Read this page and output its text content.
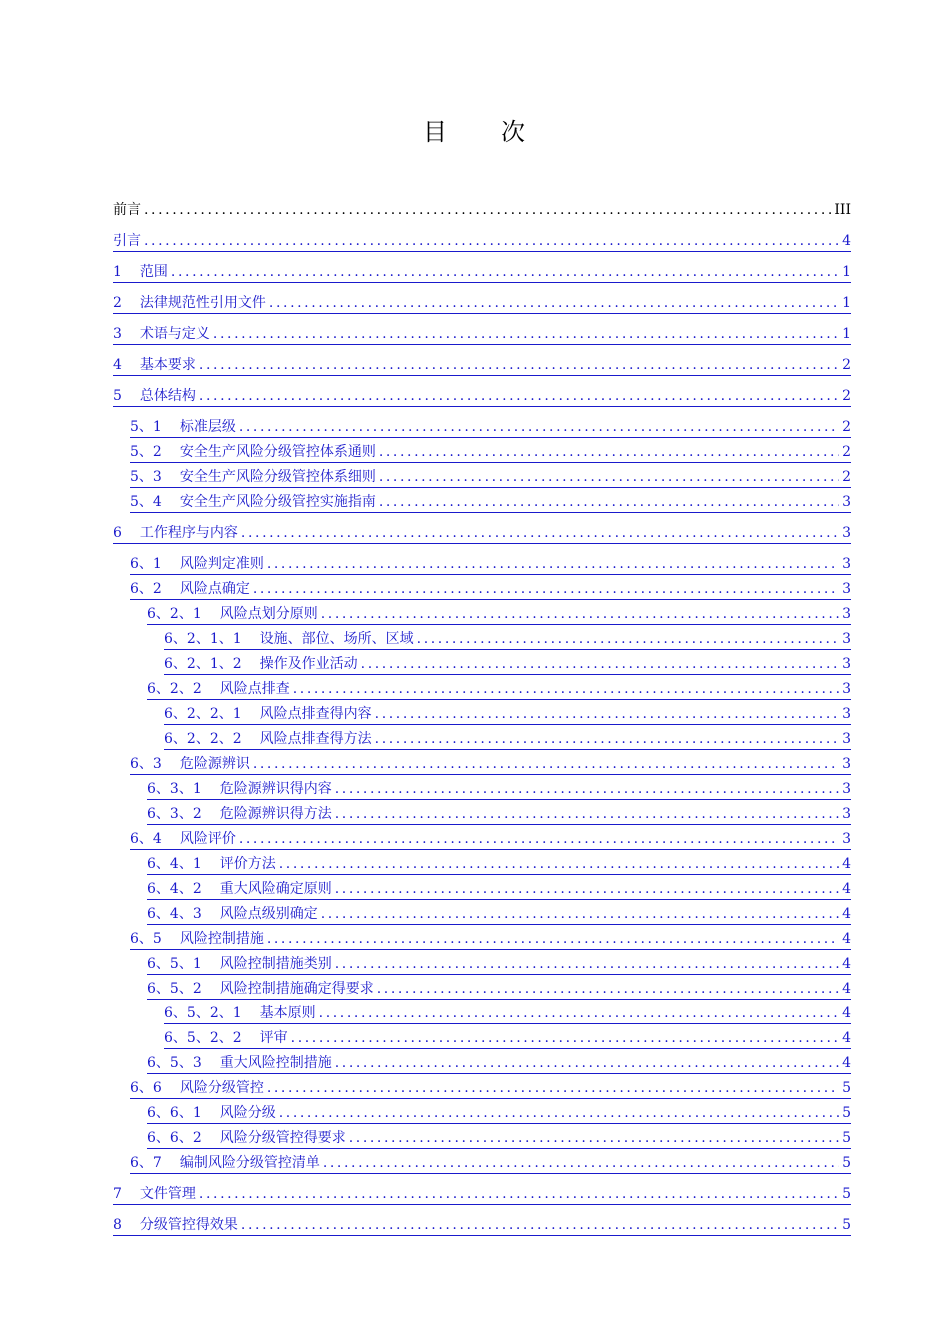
目 次
前言 .....	III
引言 .....	4
1 范围 .....	1
2 法律规范性引用文件 .....	1
3 术语与定义 .....	1
4 基本要求 .....	2
5 总体结构 .....	2
5、1 标准层级 .....	2
5、2 安全生产风险分级管控体系通则 .....	2
5、3 安全生产风险分级管控体系细则 .....	2
5、4 安全生产风险分级管控实施指南 .....	3
6 工作程序与内容 .....	3
6、1 风险判定准则 .....	3
6、2 风险点确定 .....	3
6、2、1 风险点划分原则 .....	3
6、2、1、1 设施、部位、场所、区域 .....	3
6、2、1、2 操作及作业活动 .....	3
6、2、2 风险点排查 .....	3
6、2、2、1 风险点排查得内容 .....	3
6、2、2、2 风险点排查得方法 .....	3
6、3 危险源辨识 .....	3
6、3、1 危险源辨识得内容 .....	3
6、3、2 危险源辨识得方法 .....	3
6、4 风险评价 .....	3
6、4、1 评价方法 .....	4
6、4、2 重大风险确定原则 .....	4
6、4、3 风险点级别确定 .....	4
6、5 风险控制措施 .....	4
6、5、1 风险控制措施类别 .....	4
6、5、2 风险控制措施确定得要求 .....	4
6、5、2、1 基本原则 .....	4
6、5、2、2 评审 .....	4
6、5、3 重大风险控制措施 .....	4
6、6 风险分级管控 .....	5
6、6、1 风险分级 .....	5
6、6、2 风险分级管控得要求 .....	5
6、7 编制风险分级管控清单 .....	5
7 文件管理 .....	5
8 分级管控得效果 .....	5
